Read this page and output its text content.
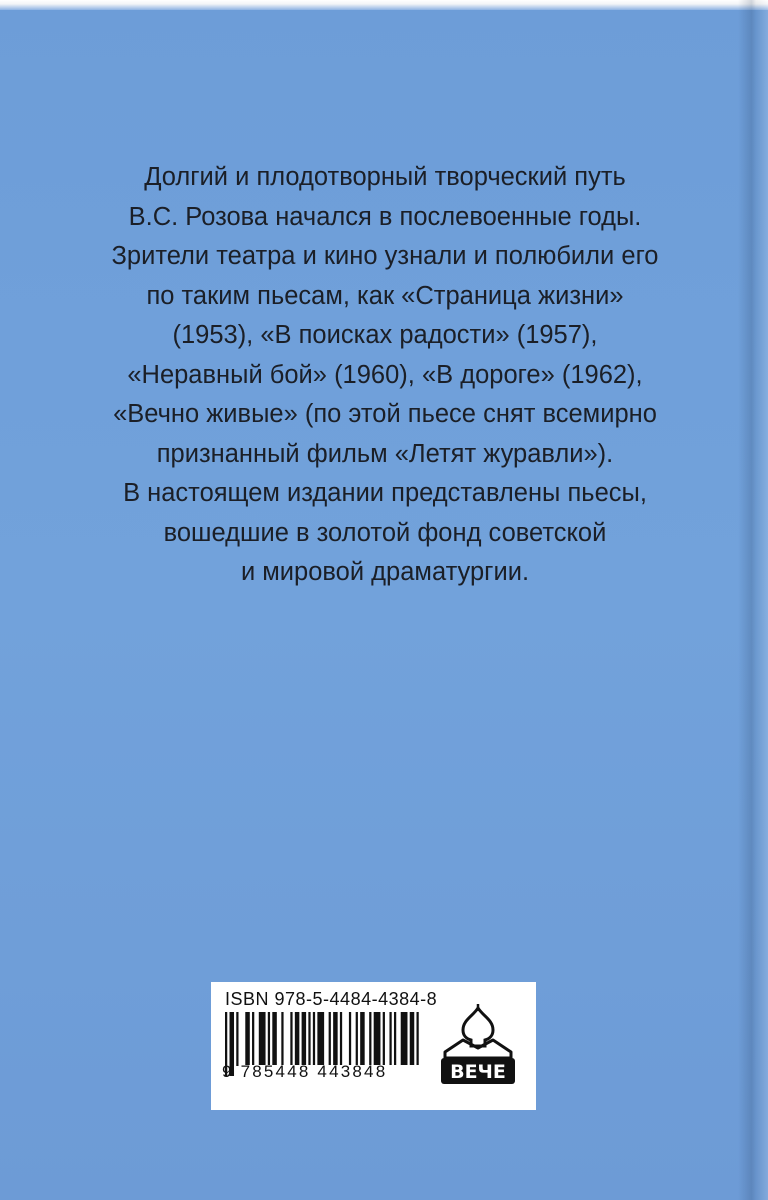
Долгий и плодотворный творческий путь
В.С. Розова начался в послевоенные годы.
Зрители театра и кино узнали и полюбили его
по таким пьесам, как «Страница жизни»
(1953), «В поисках радости» (1957),
«Неравный бой» (1960), «В дороге» (1962),
«Вечно живые» (по этой пьесе снят всемирно
признанный фильм «Летят журавли»).
В настоящем издании представлены пьесы,
вошедшие в золотой фонд советской
и мировой драматургии.
ISBN 978-5-4484-4384-8
9 785448 443848	ВЕЧЕ
